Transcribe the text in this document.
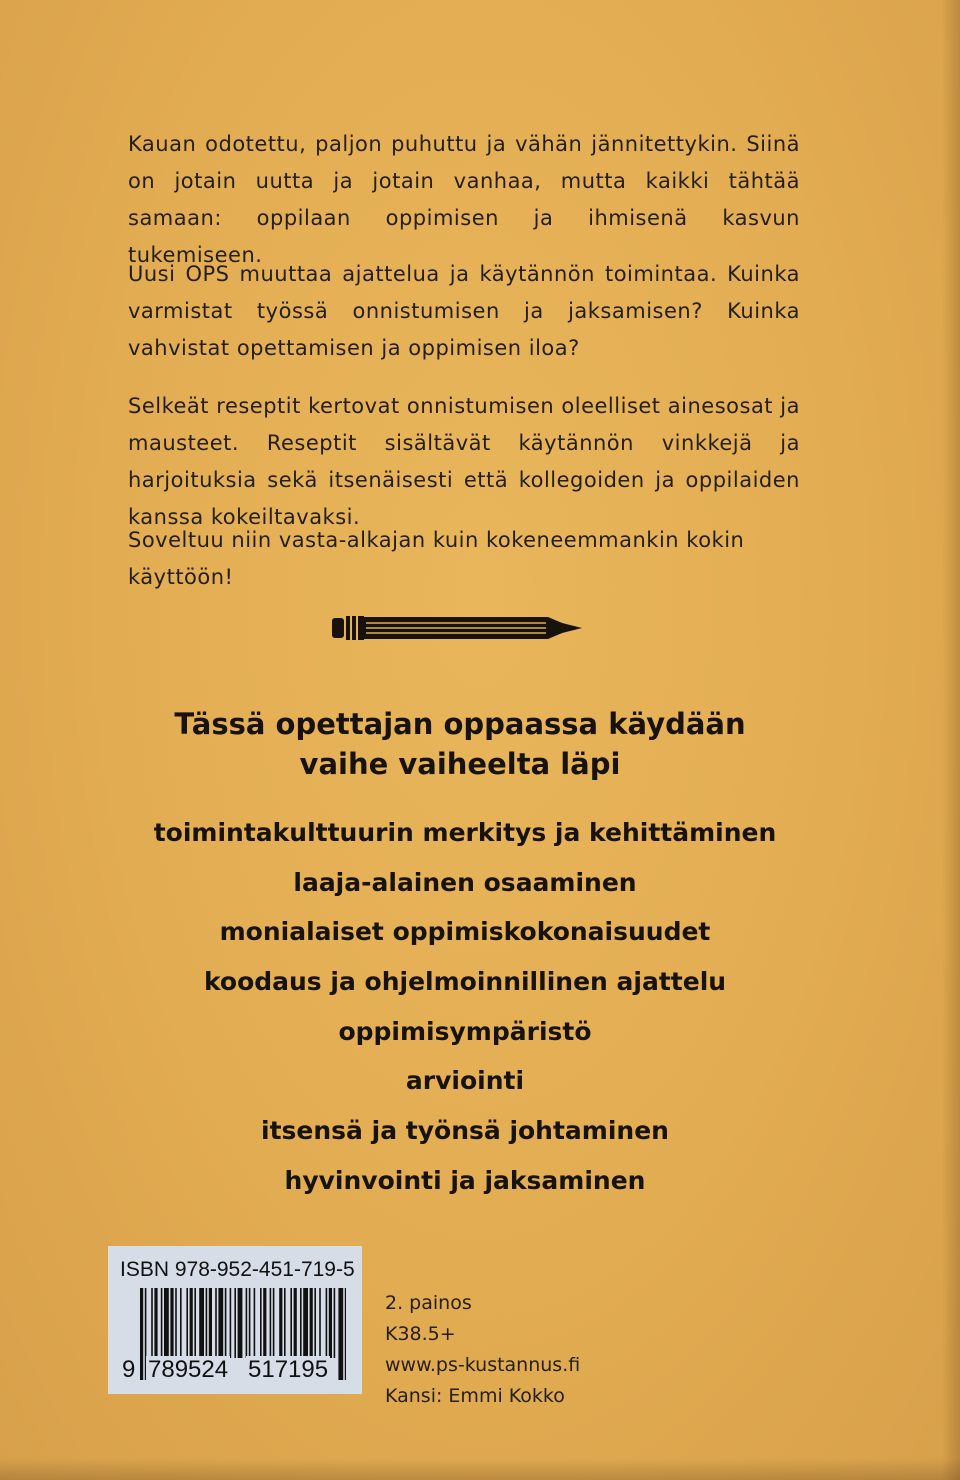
Kauan odotettu, paljon puhuttu ja vähän jännitettykin. Siinä on jotain uutta ja jotain vanhaa, mutta kaikki tähtää samaan: oppilaan oppimisen ja ihmisenä kasvun tukemiseen.
Uusi OPS muuttaa ajattelua ja käytännön toimintaa. Kuinka varmistat työssä onnistumisen ja jaksamisen? Kuinka vahvistat opettamisen ja oppimisen iloa?
Selkeät reseptit kertovat onnistumisen oleelliset ainesosat ja mausteet. Reseptit sisältävät käytännön vinkkejä ja harjoituksia sekä itsenäisesti että kollegoiden ja oppilaiden kanssa kokeiltavaksi.
Soveltuu niin vasta-alkajan kuin kokeneemmankin kokin käyttöön!
Tässä opettajan oppaassa käydään
vaihe vaiheelta läpi
toimintakulttuurin merkitys ja kehittäminen
laaja-alainen osaaminen
monialaiset oppimiskokonaisuudet
koodaus ja ohjelmoinnillinen ajattelu
oppimisympäristö
arviointi
itsensä ja työnsä johtaminen
hyvinvointi ja jaksaminen
ISBN 978-952-451-719-5
9 789524 517195
2. painos
K38.5+
www.ps-kustannus.fi
Kansi: Emmi Kokko
